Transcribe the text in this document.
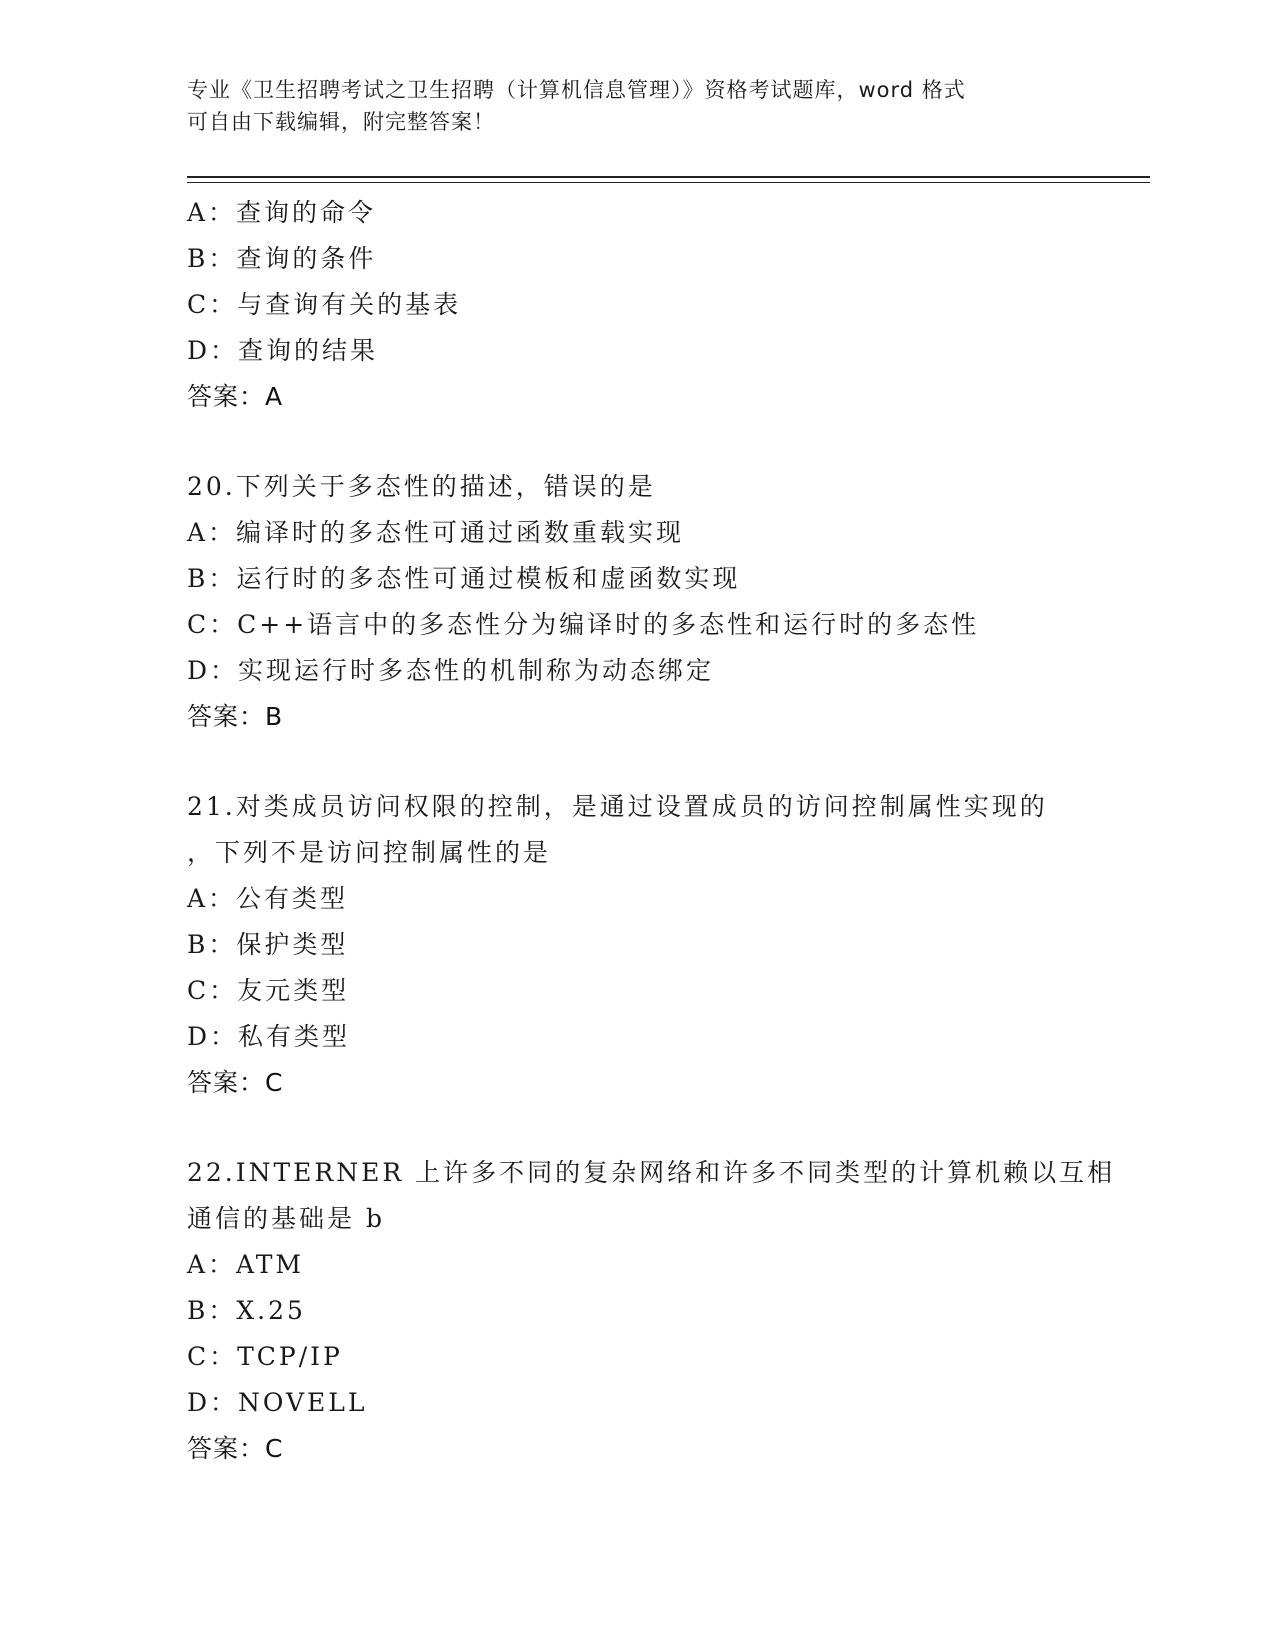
专业《卫生招聘考试之卫生招聘（计算机信息管理）》资格考试题库，word 格式
可自由下载编辑，附完整答案！
A：查询的命令
B：查询的条件
C：与查询有关的基表
D：查询的结果
答案：A
20.下列关于多态性的描述，错误的是
A：编译时的多态性可通过函数重载实现
B：运行时的多态性可通过模板和虚函数实现
C：C++语言中的多态性分为编译时的多态性和运行时的多态性
D：实现运行时多态性的机制称为动态绑定
答案：B
21.对类成员访问权限的控制，是通过设置成员的访问控制属性实现的
，下列不是访问控制属性的是
A：公有类型
B：保护类型
C：友元类型
D：私有类型
答案：C
22.INTERNER 上许多不同的复杂网络和许多不同类型的计算机赖以互相
通信的基础是 b
A：ATM
B：X.25
C：TCP/IP
D：NOVELL
答案：C
